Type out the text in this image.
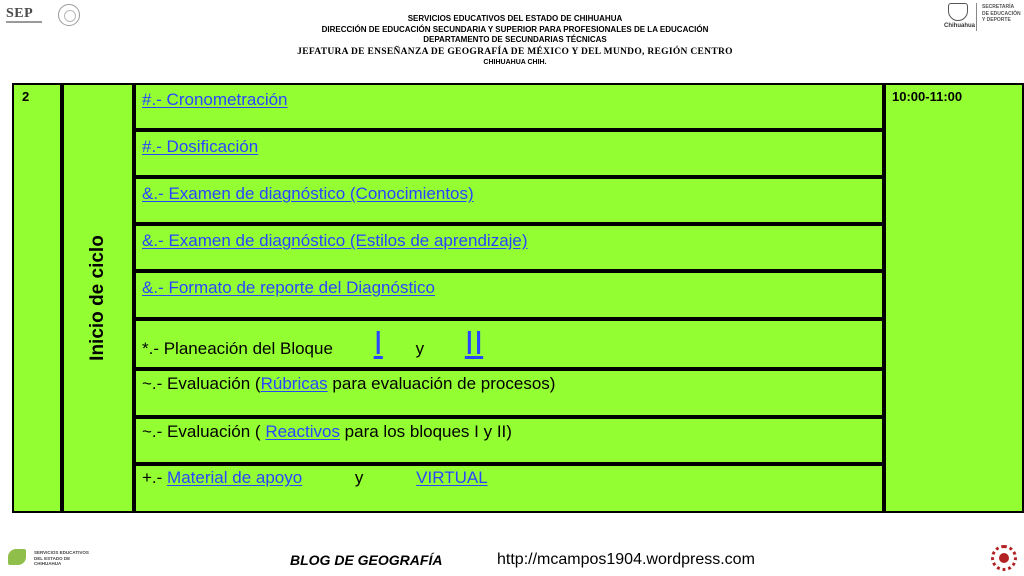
SEP
Chihuahua
SECRETARÍA DE EDUCACIÓN Y DEPORTE
SERVICIOS EDUCATIVOS DEL ESTADO DE CHIHUAHUA
DIRECCIÓN DE EDUCACIÓN SECUNDARIA Y SUPERIOR PARA PROFESIONALES DE LA EDUCACIÓN
DEPARTAMENTO DE SECUNDARIAS TÉCNICAS
JEFATURA DE ENSEÑANZA DE GEOGRAFÍA DE MÉXICO Y DEL MUNDO, REGIÓN CENTRO
CHIHUAHUA CHIH.
2
Inicio de ciclo
#.- Cronometración
#.- Dosificación
&.- Examen de diagnóstico (Conocimientos)
&.- Examen de diagnóstico (Estilos de aprendizaje)
&.- Formato de reporte del Diagnóstico
*.- Planeación del Bloque I y II
~.- Evaluación (Rúbricas para evaluación de procesos)
~.- Evaluación ( Reactivos para los bloques I y II)
+.- Material de apoyo	y	VIRTUAL
10:00-11:00
SERVICIOS EDUCATIVOS DEL ESTADO DE CHIHUAHUA	BLOG DE GEOGRAFÍA	http://mcampos1904.wordpress.com
